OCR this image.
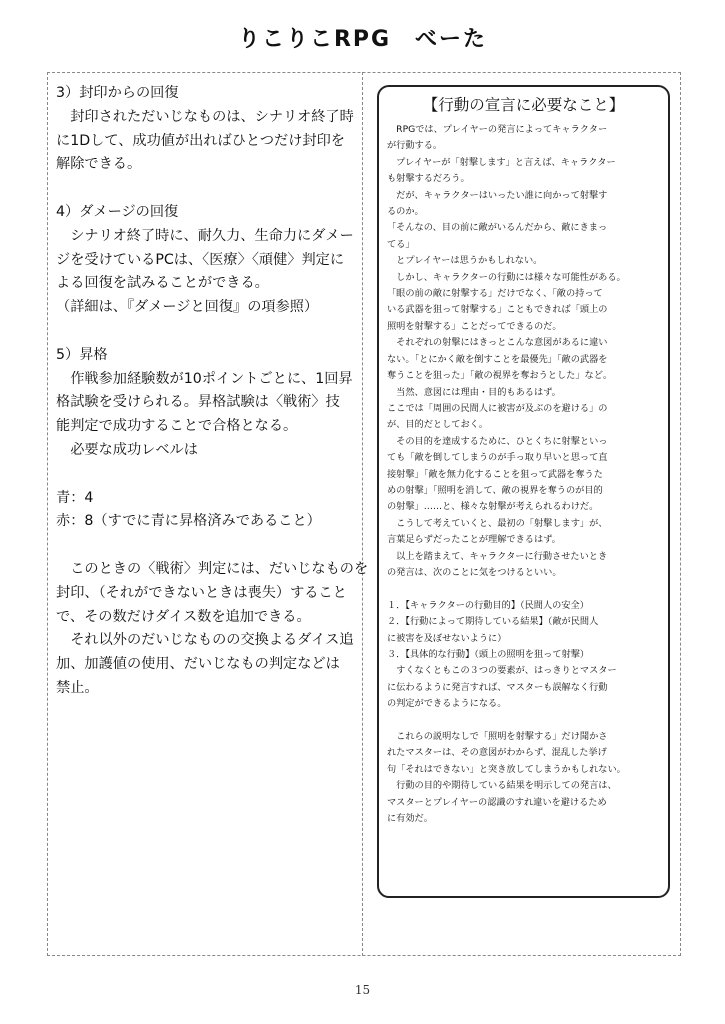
りこりこRPG　べーた

3）封印からの回復

　封印されただいじなものは、シナリオ終了時

に1Dして、成功値が出ればひとつだけ封印を

解除できる。

4）ダメージの回復

　シナリオ終了時に、耐久力、生命力にダメー

ジを受けているPCは、〈医療〉〈頑健〉判定に

よる回復を試みることができる。

（詳細は、『ダメージと回復』の項参照）

5）昇格

　作戦参加経験数が10ポイントごとに、1回昇

格試験を受けられる。昇格試験は〈戦術〉技

能判定で成功することで合格となる。

　必要な成功レベルは

青：4

赤：8（すでに青に昇格済みであること）

　このときの〈戦術〉判定には、だいじなものを

封印、（それができないときは喪失）すること

で、その数だけダイス数を追加できる。

　それ以外のだいじなものの交換よるダイス追

加、加護値の使用、だいじなもの判定などは

禁止。

【行動の宣言に必要なこと】

　RPGでは、プレイヤーの発言によってキャラクター

が行動する。

　プレイヤーが「射撃します」と言えば、キャラクター

も射撃するだろう。

　だが、キャラクターはいったい誰に向かって射撃す

るのか。

「そんなの、目の前に敵がいるんだから、敵にきまっ

てる」

　とプレイヤーは思うかもしれない。

　しかし、キャラクターの行動には様々な可能性がある。

「眼の前の敵に射撃する」だけでなく、「敵の持って

いる武器を狙って射撃する」こともできれば「頭上の

照明を射撃する」ことだってできるのだ。

　それぞれの射撃にはきっとこんな意図があるに違い

ない。「とにかく敵を倒すことを最優先」「敵の武器を

奪うことを狙った」「敵の視界を奪おうとした」など。

　当然、意図には理由・目的もあるはず。

ここでは「周囲の民間人に被害が及ぶのを避ける」の

が、目的だとしておく。

　その目的を達成するために、ひとくちに射撃といっ

ても「敵を倒してしまうのが手っ取り早いと思って直

接射撃」「敵を無力化することを狙って武器を奪うた

めの射撃」「照明を消して、敵の視界を奪うのが目的

の射撃」……と、様々な射撃が考えられるわけだ。

　こうして考えていくと、最初の「射撃します」が、

言葉足らずだったことが理解できるはず。

　以上を踏まえて、キャラクターに行動させたいとき

の発言は、次のことに気をつけるといい。

１．【キャラクターの行動目的】（民間人の安全）

２．【行動によって期待している結果】（敵が民間人

に被害を及ぼせないように）

３．【具体的な行動】（頭上の照明を狙って射撃）

　すくなくともこの３つの要素が、はっきりとマスター

に伝わるように発言すれば、マスターも誤解なく行動

の判定ができるようになる。

　これらの説明なしで「照明を射撃する」だけ聞かさ

れたマスターは、その意図がわからず、混乱した挙げ

句「それはできない」と突き放してしまうかもしれない。

　行動の目的や期待している結果を明示しての発言は、

マスターとプレイヤーの認識のすれ違いを避けるため

に有効だ。

15
